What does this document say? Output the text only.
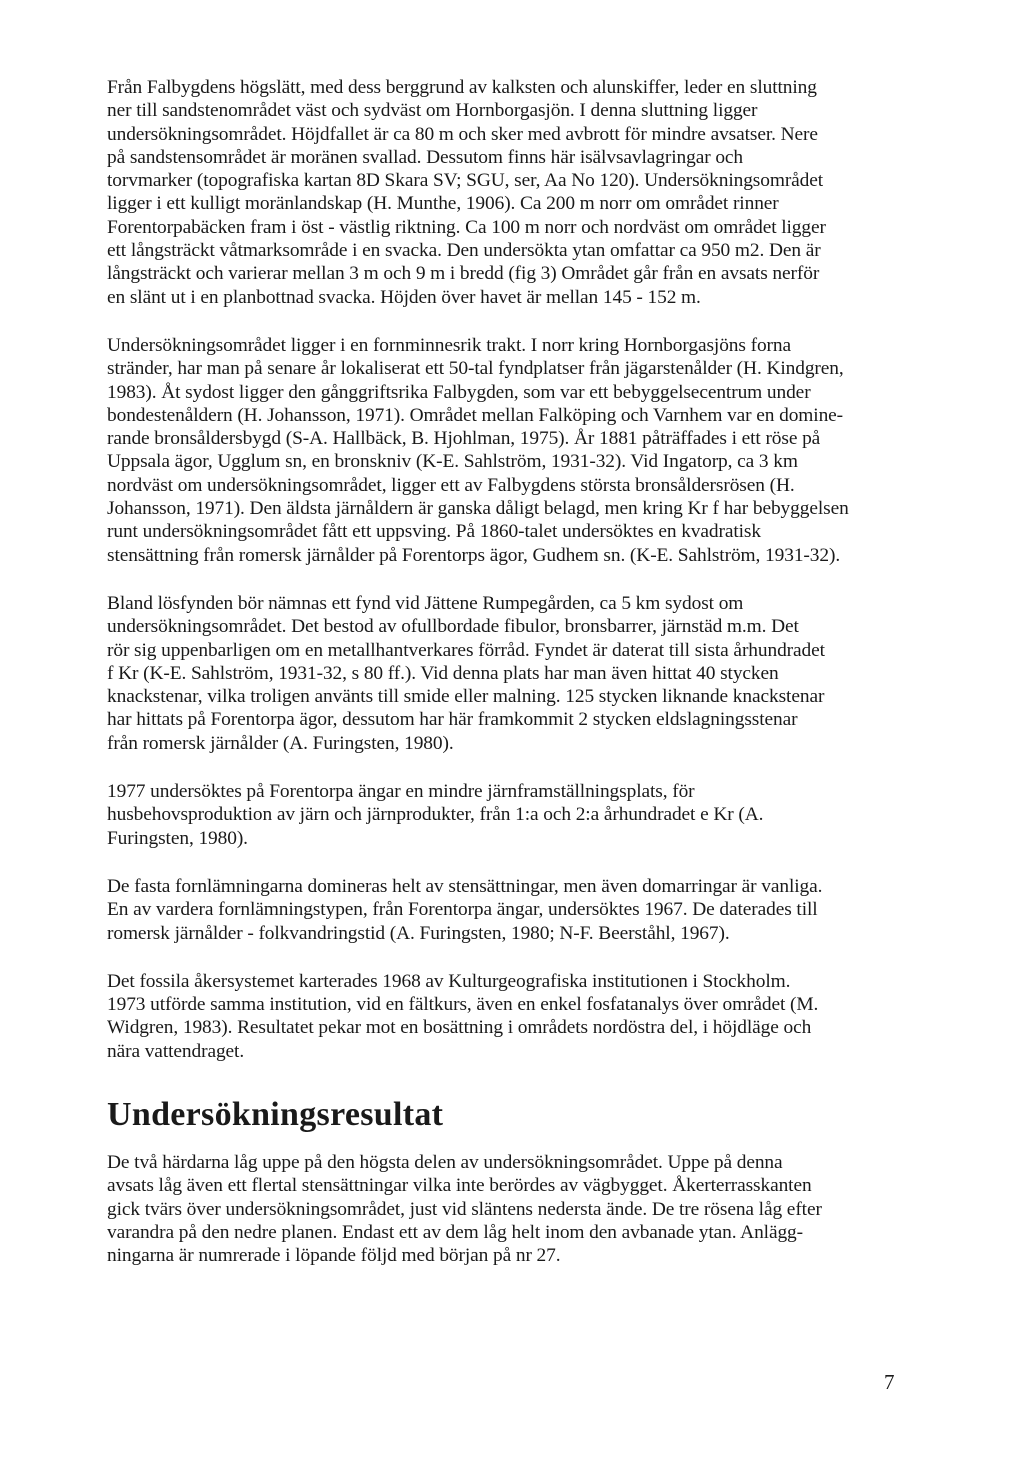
Från Falbygdens högslätt, med dess berggrund av kalksten och alunskiffer, leder en sluttning
ner till sandstenområdet väst och sydväst om Hornborgasjön. I denna sluttning ligger
undersökningsområdet. Höjdfallet är ca 80 m och sker med avbrott för mindre avsatser. Nere
på sandstensområdet är moränen svallad. Dessutom finns här isälvsavlagringar och
torvmarker (topografiska kartan 8D Skara SV; SGU, ser, Aa No 120). Undersökningsområdet
ligger i ett kulligt moränlandskap (H. Munthe, 1906). Ca 200 m norr om området rinner
Forentorpabäcken fram i öst - västlig riktning. Ca 100 m norr och nordväst om området ligger
ett långsträckt våtmarksområde i en svacka. Den undersökta ytan omfattar ca 950 m2. Den är
långsträckt och varierar mellan 3 m och 9 m i bredd (fig 3) Området går från en avsats nerför
en slänt ut i en planbottnad svacka. Höjden över havet är mellan 145 - 152 m.

Undersökningsområdet ligger i en fornminnesrik trakt. I norr kring Hornborgasjöns forna
stränder, har man på senare år lokaliserat ett 50-tal fyndplatser från jägarstenålder (H. Kindgren,
1983). Åt sydost ligger den gånggriftsrika Falbygden, som var ett bebyggelsecentrum under
bondestenåldern (H. Johansson, 1971). Området mellan Falköping och Varnhem var en domine-
rande bronsåldersbygd (S-A. Hallbäck, B. Hjohlman, 1975). År 1881 påträffades i ett röse på
Uppsala ägor, Ugglum sn, en bronskniv (K-E. Sahlström, 1931-32). Vid Ingatorp, ca 3 km
nordväst om undersökningsområdet, ligger ett av Falbygdens största bronsåldersrösen (H.
Johansson, 1971). Den äldsta järnåldern är ganska dåligt belagd, men kring Kr f har bebyggelsen
runt undersökningsområdet fått ett uppsving. På 1860-talet undersöktes en kvadratisk
stensättning från romersk järnålder på Forentorps ägor, Gudhem sn. (K-E. Sahlström, 1931-32).

Bland lösfynden bör nämnas ett fynd vid Jättene Rumpegården, ca 5 km sydost om
undersökningsområdet. Det bestod av ofullbordade fibulor, bronsbarrer, järnstäd m.m. Det
rör sig uppenbarligen om en metallhantverkares förråd. Fyndet är daterat till sista århundradet
f Kr (K-E. Sahlström, 1931-32, s 80 ff.). Vid denna plats har man även hittat 40 stycken
knackstenar, vilka troligen använts till smide eller malning. 125 stycken liknande knackstenar
har hittats på Forentorpa ägor, dessutom har här framkommit 2 stycken eldslagningsstenar
från romersk järnålder (A. Furingsten, 1980).

1977 undersöktes på Forentorpa ängar en mindre järnframställningsplats, för
husbehovsproduktion av järn och järnprodukter, från 1:a och 2:a århundradet e Kr (A.
Furingsten, 1980).

De fasta fornlämningarna domineras helt av stensättningar, men även domarringar är vanliga.
En av vardera fornlämningstypen, från Forentorpa ängar, undersöktes 1967. De daterades till
romersk järnålder - folkvandringstid (A. Furingsten, 1980; N-F. Beerståhl, 1967).

Det fossila åkersystemet karterades 1968 av Kulturgeografiska institutionen i Stockholm.
1973 utförde samma institution, vid en fältkurs, även en enkel fosfatanalys över området (M.
Widgren, 1983). Resultatet pekar mot en bosättning i områdets nordöstra del, i höjdläge och
nära vattendraget.

Undersökningsresultat

De två härdarna låg uppe på den högsta delen av undersökningsområdet. Uppe på denna
avsats låg även ett flertal stensättningar vilka inte berördes av vägbygget. Åkerterrasskanten
gick tvärs över undersökningsområdet, just vid släntens nedersta ände. De tre rösena låg efter
varandra på den nedre planen. Endast ett av dem låg helt inom den avbanade ytan. Anlägg-
ningarna är numrerade i löpande följd med början på nr 27.

7
